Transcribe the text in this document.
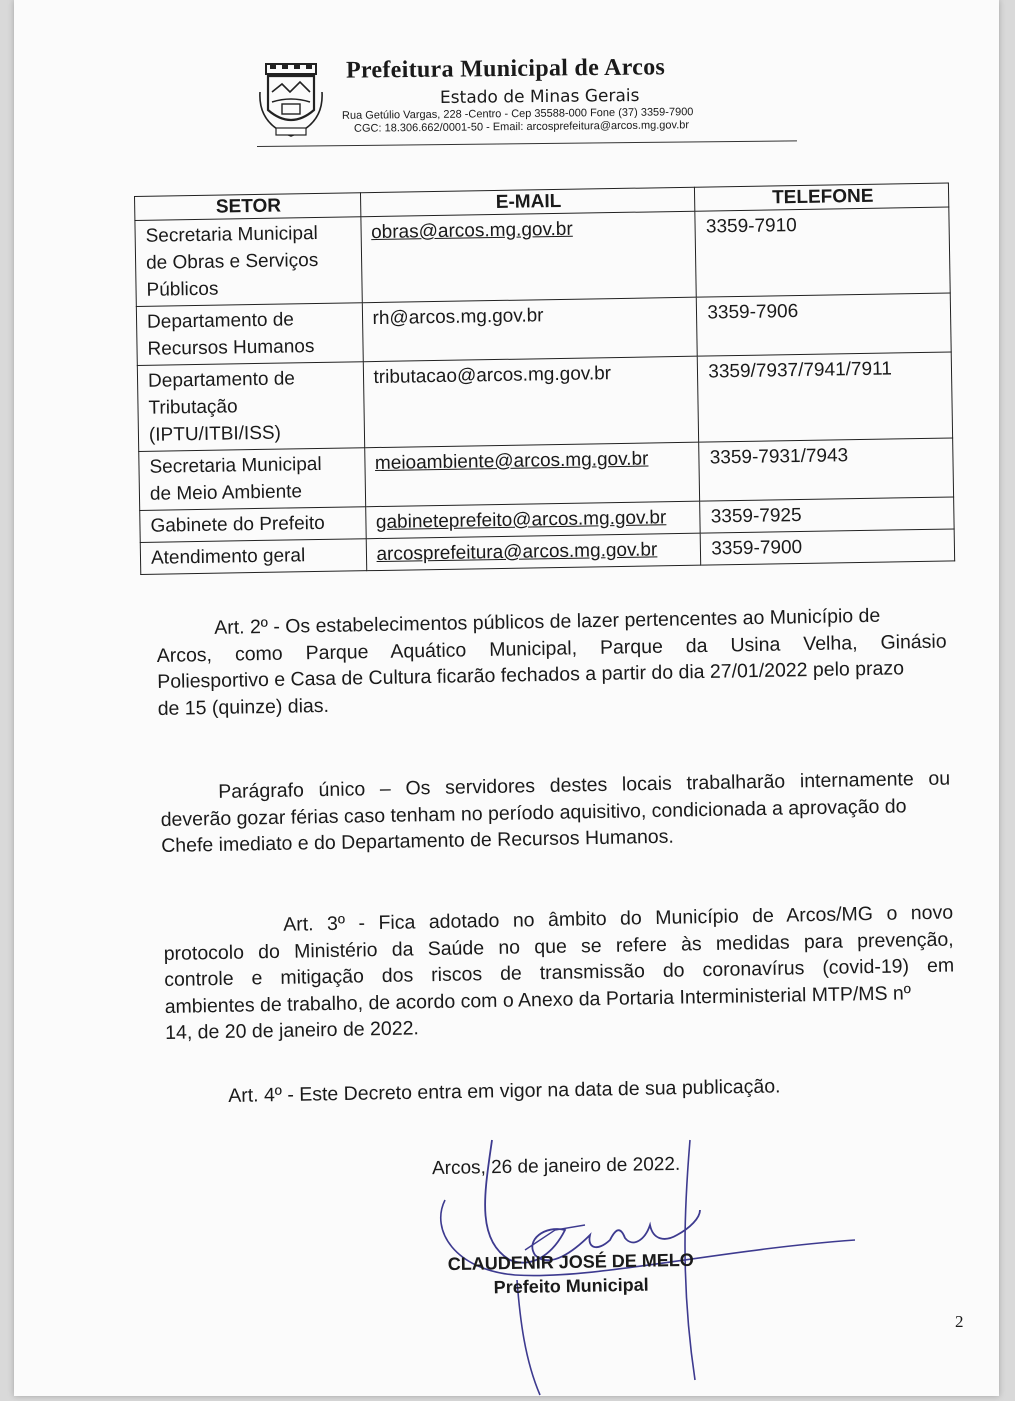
Prefeitura Municipal de Arcos
Estado de Minas Gerais
Rua Getúlio Vargas, 228 -Centro - Cep 35588-000 Fone (37) 3359-7900
CGC: 18.306.662/0001-50 - Email: arcosprefeitura@arcos.mg.gov.br
SETOR	E-MAIL	TELEFONE

Secretaria Municipal
de Obras e Serviços
Públicos	obras@arcos.mg.gov.br	3359-7910

Departamento de
Recursos Humanos	rh@arcos.mg.gov.br	3359-7906

Departamento de
Tributação
(IPTU/ITBI/ISS)	tributacao@arcos.mg.gov.br	3359/7937/7941/7911

Secretaria Municipal
de Meio Ambiente	meioambiente@arcos.mg.gov.br	3359-7931/7943

Gabinete do Prefeito	gabineteprefeito@arcos.mg.gov.br	3359-7925

Atendimento geral	arcosprefeitura@arcos.mg.gov.br	3359-7900
Art. 2º - Os estabelecimentos públicos de lazer pertencentes ao Município de
Arcos, como Parque Aquático Municipal, Parque da Usina Velha, Ginásio
Poliesportivo e Casa de Cultura ficarão fechados a partir do dia 27/01/2022 pelo prazo
de 15 (quinze) dias.
Parágrafo único – Os servidores destes locais trabalharão internamente ou
deverão gozar férias caso tenham no período aquisitivo, condicionada a aprovação do
Chefe imediato e do Departamento de Recursos Humanos.
Art. 3º - Fica adotado no âmbito do Município de Arcos/MG o novo
protocolo do Ministério da Saúde no que se refere às medidas para prevenção,
controle e mitigação dos riscos de transmissão do coronavírus (covid-19) em
ambientes de trabalho, de acordo com o Anexo da Portaria Interministerial MTP/MS nº
14, de 20 de janeiro de 2022.
Art. 4º - Este Decreto entra em vigor na data de sua publicação.
Arcos, 26 de janeiro de 2022.
CLAUDENIR JOSÉ DE MELO
Prefeito Municipal
2
